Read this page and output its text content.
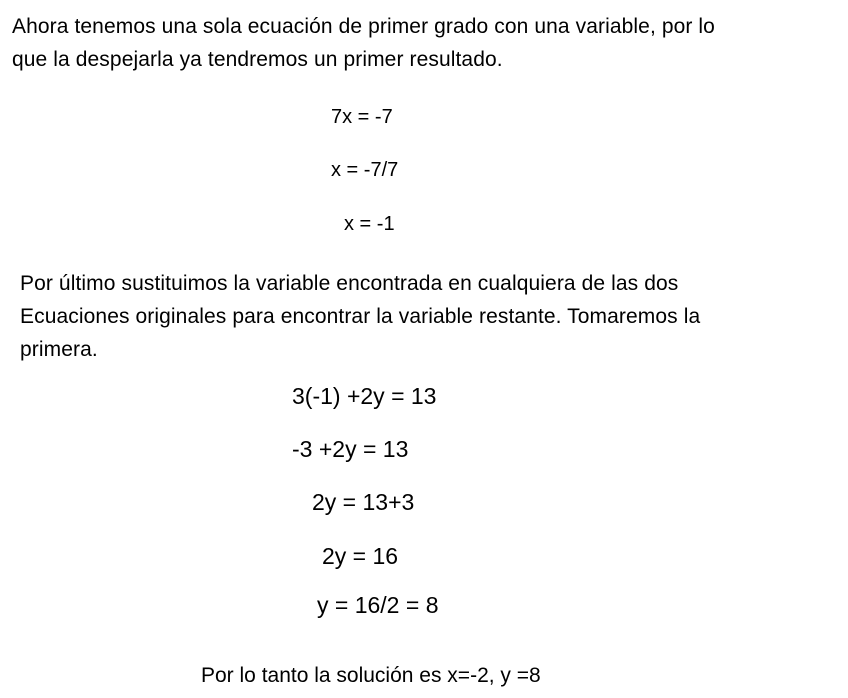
Ahora tenemos una sola ecuación de primer grado con una variable, por lo
que la despejarla ya tendremos un primer resultado.

7x = -7

x = -7/7

x = -1

Por último sustituimos la variable encontrada en cualquiera de las dos
Ecuaciones originales para encontrar la variable restante. Tomaremos la
primera.

3(-1) +2y = 13

-3 +2y = 13

2y = 13+3

2y = 16

y = 16/2 = 8

Por lo tanto la solución es x=-2, y =8
